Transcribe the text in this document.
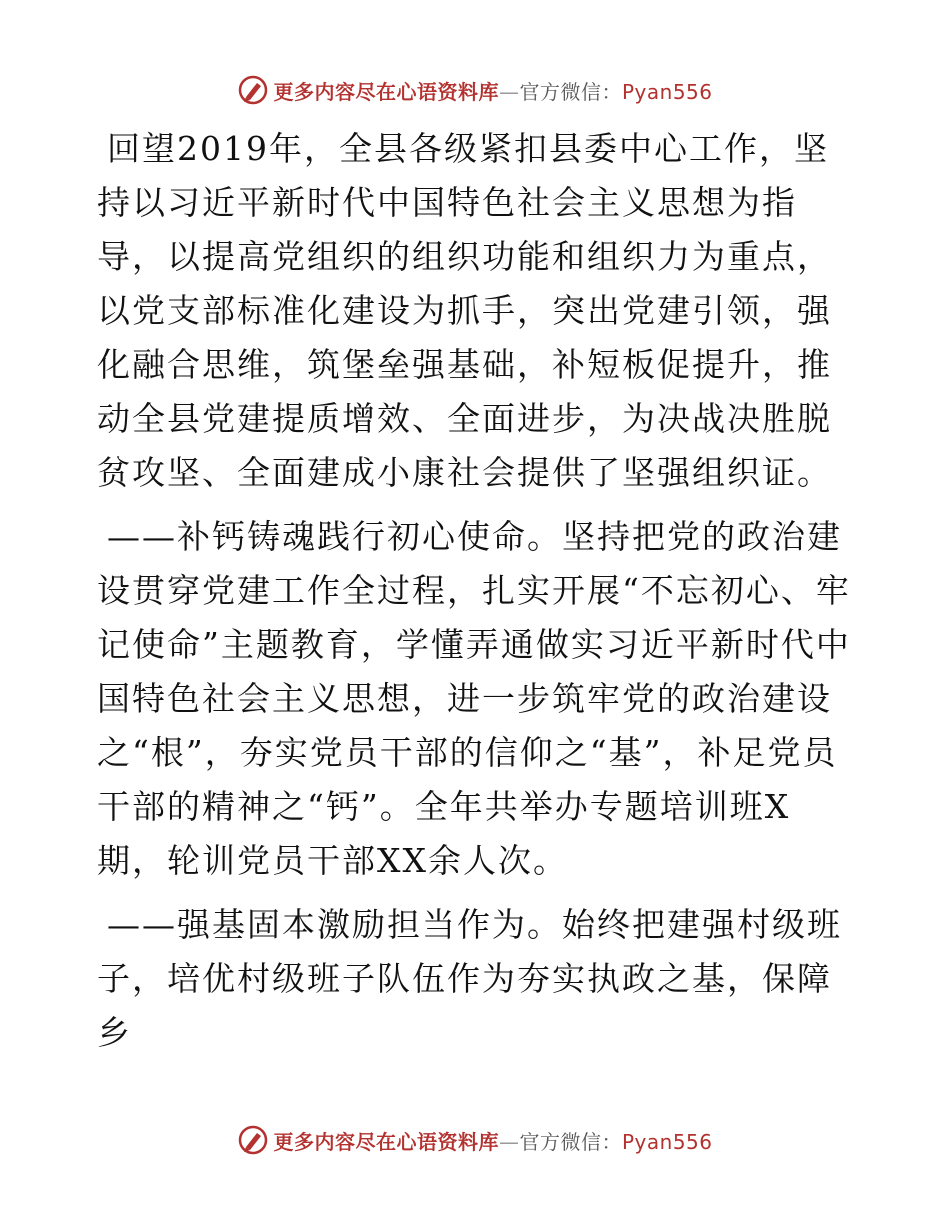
更多内容尽在心语资料库—官方微信：Pyan556

回望2019年，全县各级紧扣县委中心工作，坚持以习近平新时代中国特色社会主义思想为指导，以提高党组织的组织功能和组织力为重点，以党支部标准化建设为抓手，突出党建引领，强化融合思维，筑堡垒强基础，补短板促提升，推动全县党建提质增效、全面进步，为决战决胜脱贫攻坚、全面建成小康社会提供了坚强组织证。

——补钙铸魂践行初心使命。坚持把党的政治建设贯穿党建工作全过程，扎实开展“不忘初心、牢记使命”主题教育，学懂弄通做实习近平新时代中国特色社会主义思想，进一步筑牢党的政治建设之“根”，夯实党员干部的信仰之“基”，补足党员干部的精神之“钙”。全年共举办专题培训班X期，轮训党员干部XX余人次。

——强基固本激励担当作为。始终把建强村级班子，培优村级班子队伍作为夯实执政之基，保障乡

更多内容尽在心语资料库—官方微信：Pyan556
